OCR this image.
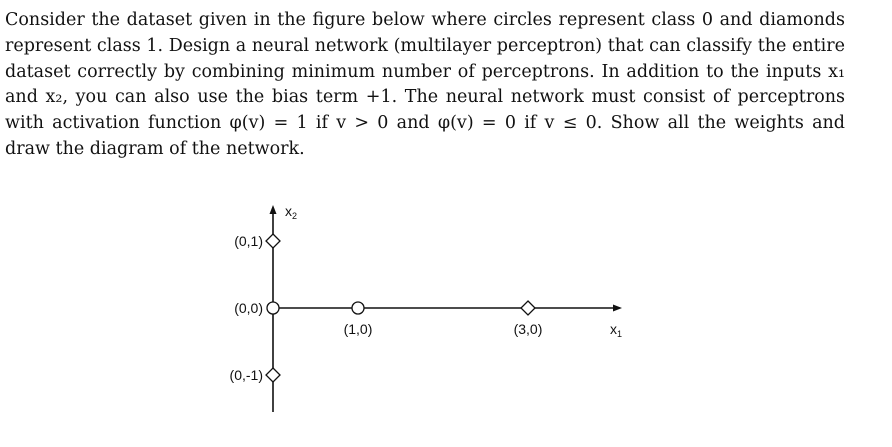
Consider the dataset given in the figure below where circles represent class 0 and diamonds
represent class 1. Design a neural network (multilayer perceptron) that can classify the entire
dataset correctly by combining minimum number of perceptrons. In addition to the inputs x₁
and x₂, you can also use the bias term +1. The neural network must consist of perceptrons
with activation function φ(v) = 1 if v > 0 and φ(v) = 0 if v ≤ 0. Show all the weights and
draw the diagram of the network.
$x_2$
$x_1$
(0,1)
(0,0)
(1,0)	(3,0)
(0,-1)
